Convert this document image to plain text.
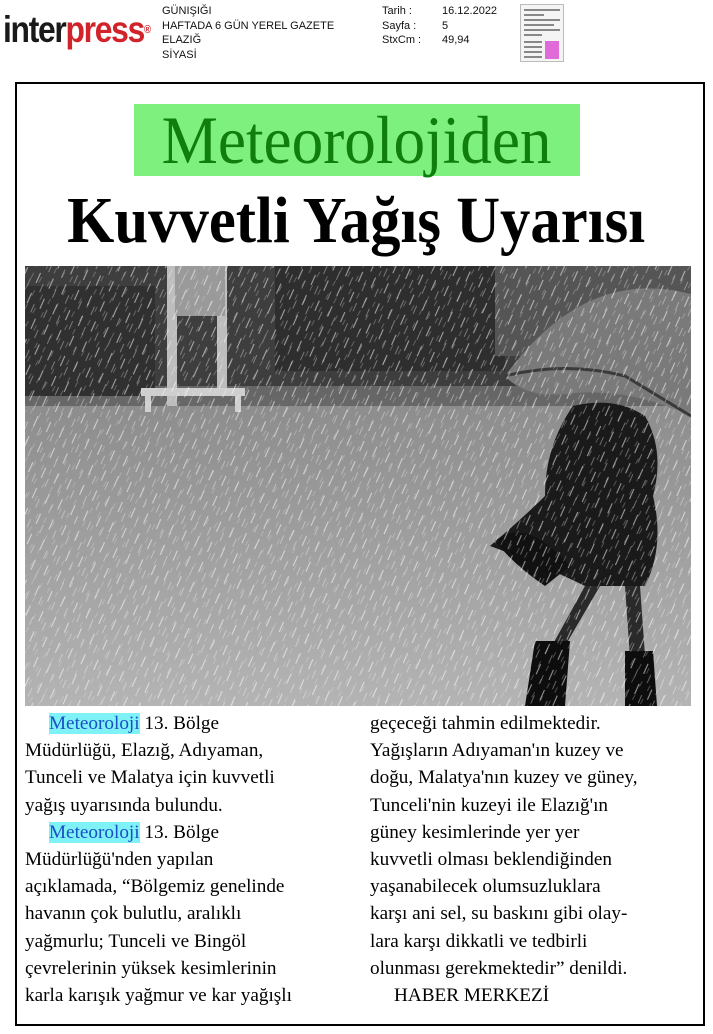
interpress®
GÜNIŞIĞI
HAFTADA 6 GÜN YEREL GAZETE
ELAZIĞ
SİYASİ
Tarih :	16.12.2022
Sayfa :	5
StxCm :	49,94
Meteorolojiden
Kuvvetli Yağış Uyarısı

Meteoroloji 13. Bölge

Müdürlüğü, Elazığ, Adıyaman,

Tunceli ve Malatya için kuvvetli

yağış uyarısında bulundu.

Meteoroloji 13. Bölge

Müdürlüğü'nden yapılan

açıklamada, “Bölgemiz genelinde

havanın çok bulutlu, aralıklı

yağmurlu; Tunceli ve Bingöl

çevrelerinin yüksek kesimlerinin

karla karışık yağmur ve kar yağışlı

geçeceği tahmin edilmektedir.

Yağışların Adıyaman'ın kuzey ve

doğu, Malatya'nın kuzey ve güney,

Tunceli'nin kuzeyi ile Elazığ'ın

güney kesimlerinde yer yer

kuvvetli olması beklendiğinden

yaşanabilecek olumsuzluklara

karşı ani sel, su baskını gibi olay-

lara karşı dikkatli ve tedbirli

olunması gerekmektedir” denildi.

HABER MERKEZİ
